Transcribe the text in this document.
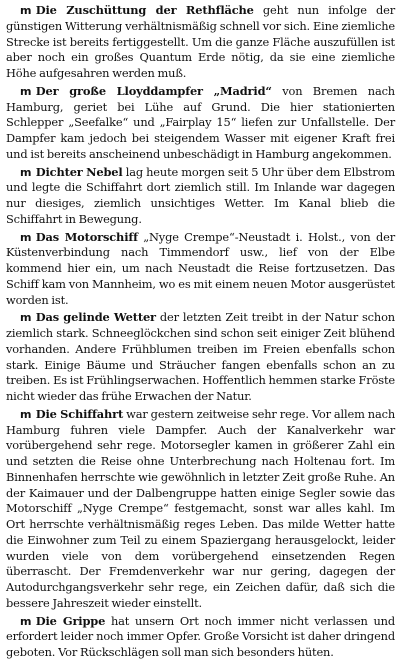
m Die Zuschüttung der Rethfläche geht nun infolge der günstigen Witterung verhältnismäßig schnell vor sich. Eine ziemliche Strecke ist bereits fertiggestellt. Um die ganze Fläche auszufüllen ist aber noch ein großes Quantum Erde nötig, da sie eine ziemliche Höhe aufgesahren werden muß.

m Der große Lloyddampfer „Madrid“ von Bremen nach Hamburg, geriet bei Lühe auf Grund. Die hier stationierten Schlepper „Seefalke“ und „Fairplay 15“ liefen zur Unfallstelle. Der Dampfer kam jedoch bei steigendem Wasser mit eigener Kraft frei und ist bereits anscheinend unbeschädigt in Hamburg angekommen.

m Dichter Nebel lag heute morgen seit 5 Uhr über dem Elbstrom und legte die Schiffahrt dort ziemlich still. Im Inlande war dagegen nur diesiges, ziemlich unsichtiges Wetter. Im Kanal blieb die Schiffahrt in Bewegung.

m Das Motorschiff „Nyge Crempe“-Neustadt i. Holst., von der Küstenverbindung nach Timmendorf usw., lief von der Elbe kommend hier ein, um nach Neustadt die Reise fortzusetzen. Das Schiff kam von Mannheim, wo es mit einem neuen Motor ausgerüstet worden ist.

m Das gelinde Wetter der letzten Zeit treibt in der Natur schon ziemlich stark. Schneeglöckchen sind schon seit einiger Zeit blühend vorhanden. Andere Frühblumen treiben im Freien ebenfalls schon stark. Einige Bäume und Sträucher fangen ebenfalls schon an zu treiben. Es ist Frühlingserwachen. Hoffentlich hemmen starke Fröste nicht wieder das frühe Erwachen der Natur.

m Die Schiffahrt war gestern zeitweise sehr rege. Vor allem nach Hamburg fuhren viele Dampfer. Auch der Kanalverkehr war vorübergehend sehr rege. Motorsegler kamen in größerer Zahl ein und setzten die Reise ohne Unterbrechung nach Holtenau fort. Im Binnenhafen herrschte wie gewöhnlich in letzter Zeit große Ruhe. An der Kaimauer und der Dalbengruppe hatten einige Segler sowie das Motorschiff „Nyge Crempe“ festgemacht, sonst war alles kahl. Im Ort herrschte verhältnismäßig reges Leben. Das milde Wetter hatte die Einwohner zum Teil zu einem Spaziergang herausgelockt, leider wurden viele von dem vorübergehend einsetzenden Regen überrascht. Der Fremdenverkehr war nur gering, dagegen der Autodurchgangsverkehr sehr rege, ein Zeichen dafür, daß sich die bessere Jahreszeit wieder einstellt.

m Die Grippe hat unsern Ort noch immer nicht verlassen und erfordert leider noch immer Opfer. Große Vorsicht ist daher dringend geboten. Vor Rückschlägen soll man sich besonders hüten.
